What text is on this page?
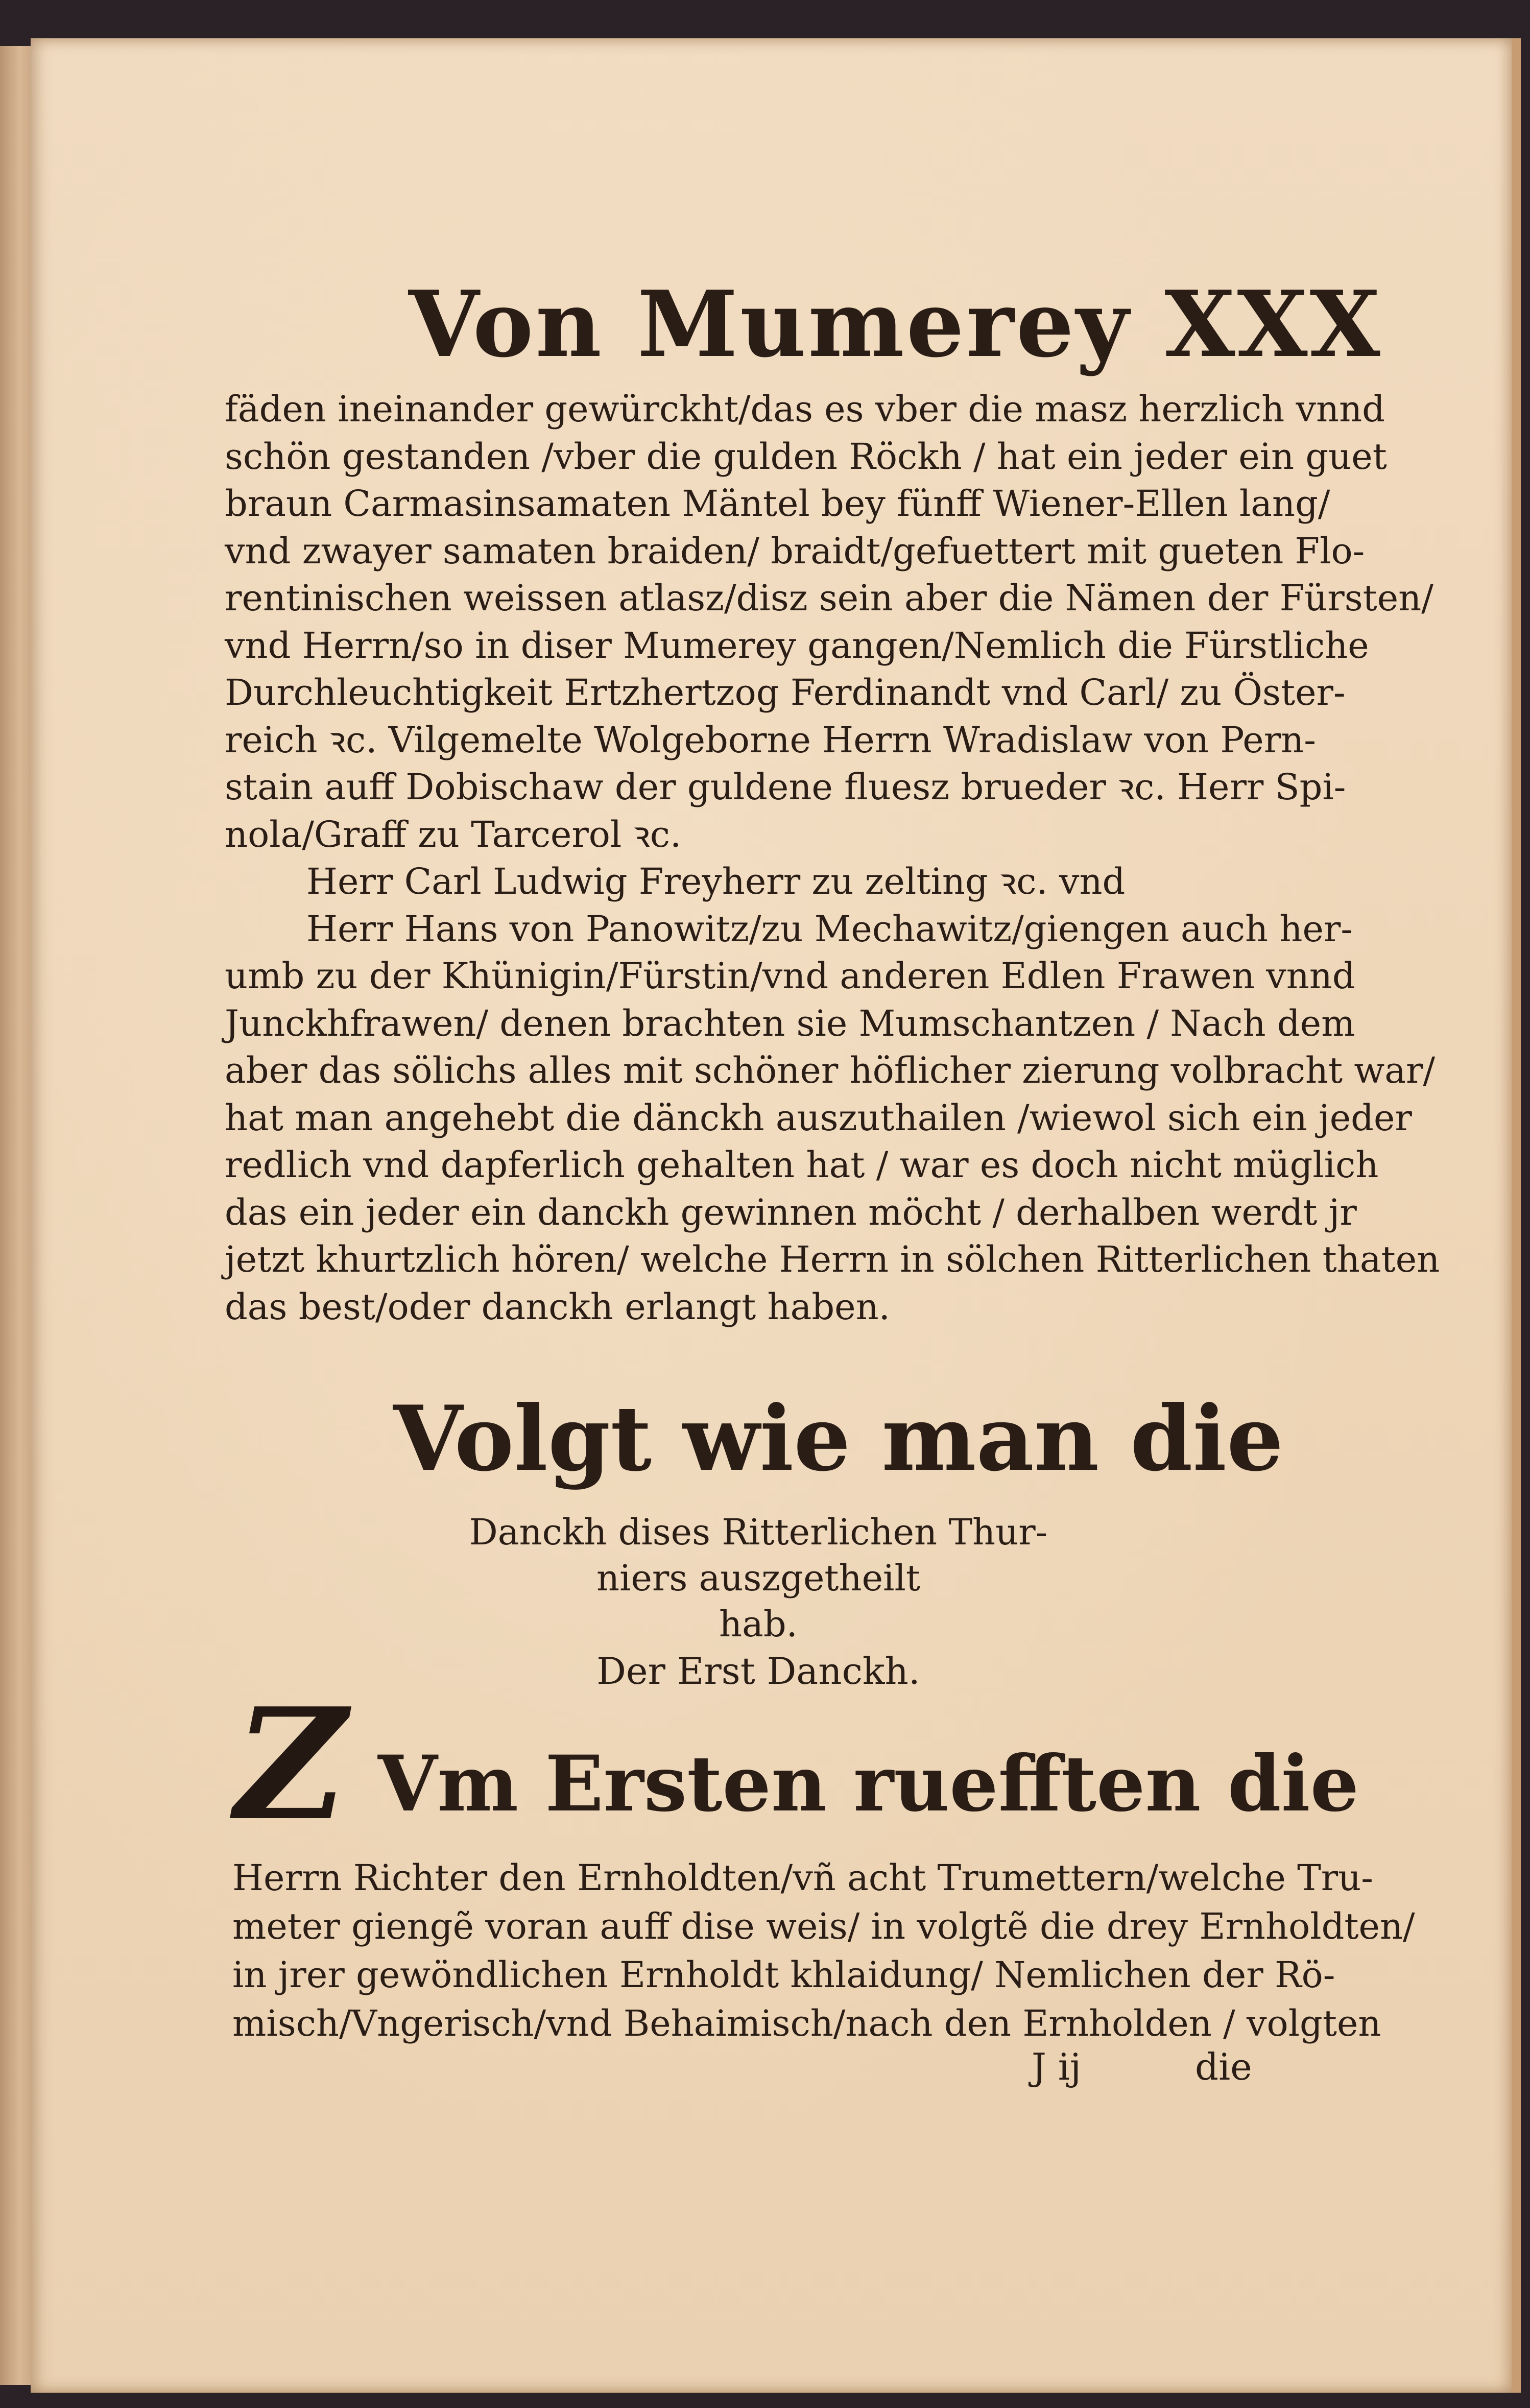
Von Mumerey XXX
fäden ineinander gewürckht/das es vber die masz herzlich vnnd
schön gestanden /vber die gulden Röckh / hat ein jeder ein guet
braun Carmasinsamaten Mäntel bey fünff Wiener-Ellen lang/
vnd zwayer samaten braiden/ braidt/gefuettert mit gueten Flo-
rentinischen weissen atlasz/disz sein aber die Nämen der Fürsten/
vnd Herrn/so in diser Mumerey gangen/Nemlich die Fürstliche
Durchleuchtigkeit Ertzhertzog Ferdinandt vnd Carl/ zu Öster-
reich ꝛc. Vilgemelte Wolgeborne Herrn Wradislaw von Pern-
stain auff Dobischaw der guldene fluesz brueder ꝛc. Herr Spi-
nola/Graff zu Tarcerol ꝛc.
Herr Carl Ludwig Freyherr zu zelting ꝛc. vnd
Herr Hans von Panowitz/zu Mechawitz/giengen auch her-
umb zu der Khünigin/Fürstin/vnd anderen Edlen Frawen vnnd
Junckhfrawen/ denen brachten sie Mumschantzen / Nach dem
aber das sölichs alles mit schöner höflicher zierung volbracht war/
hat man angehebt die dänckh auszuthailen /wiewol sich ein jeder
redlich vnd dapferlich gehalten hat / war es doch nicht müglich
das ein jeder ein danckh gewinnen möcht / derhalben werdt jr
jetzt khurtzlich hören/ welche Herrn in sölchen Ritterlichen thaten
das best/oder danckh erlangt haben.
Volgt wie man die
Danckh dises Ritterlichen Thur-
niers auszgetheilt
hab.
Der Erst Danckh.
Z Vm Ersten ruefften die
Herrn Richter den Ernholdten/vñ acht Trumettern/welche Tru-
meter giengẽ voran auff dise weis/ in volgtẽ die drey Ernholdten/
in jrer gewöndlichen Ernholdt khlaidung/ Nemlichen der Rö-
misch/Vngerisch/vnd Behaimisch/nach den Ernholden / volgten
J ij	die
